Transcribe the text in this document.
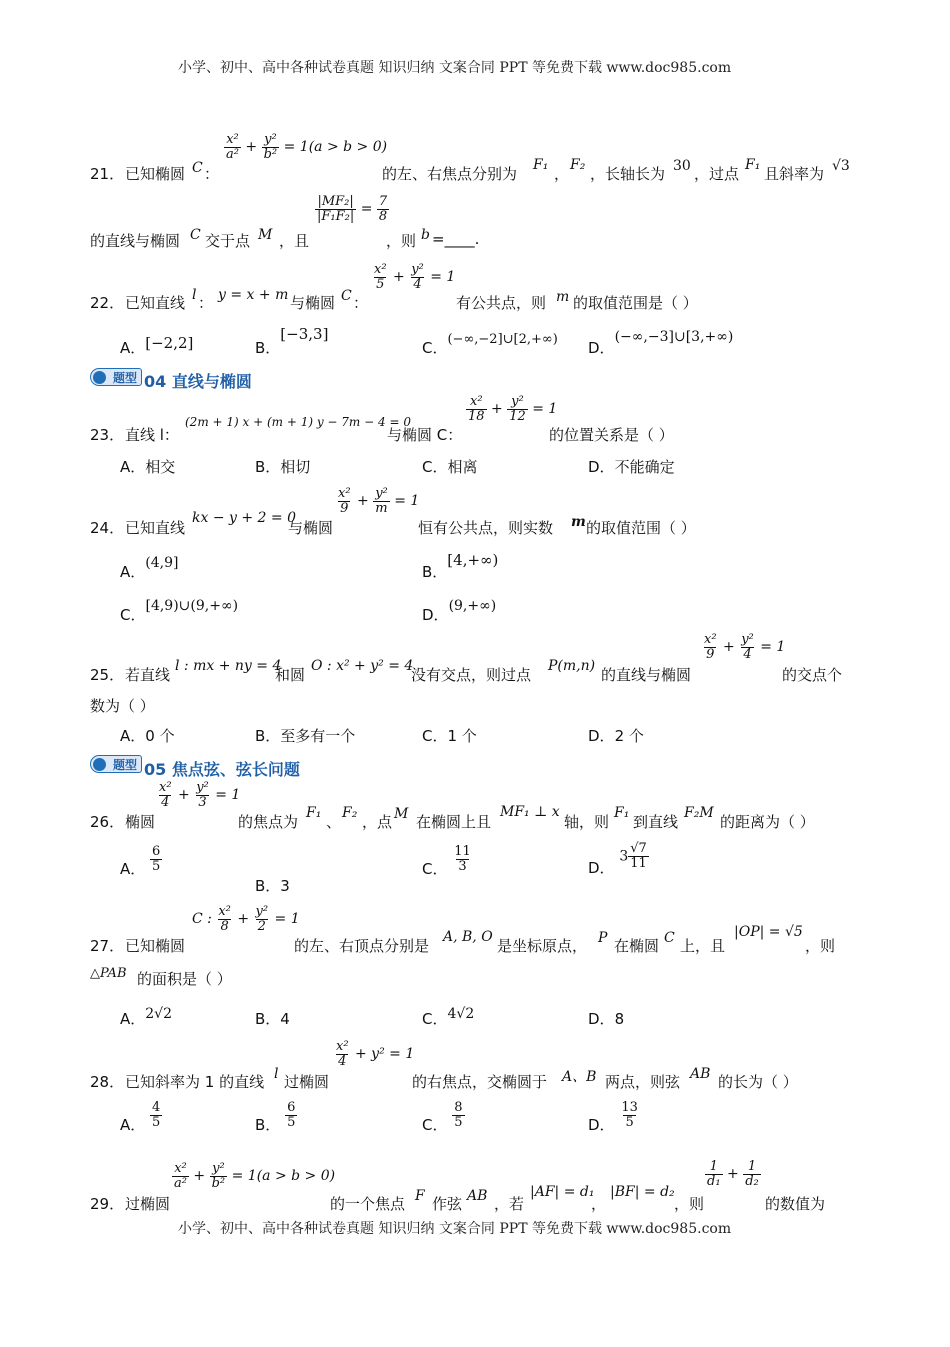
小学、初中、高中各种试卷真题 知识归纳 文案合同 PPT 等免费下载 www.doc985.com
21． 已知椭圆 C ：
$\frac{\text{x²}}{\text{a²}} + \frac{\text{y²}}{\text{b²}} = 1(a > b > 0)$
的左、右焦点分别为 F₁ ， F₂ ，长轴长为 30 ，过点 F₁ 且斜率为 √3
的直线与椭圆 C 交于点 M ，且
$\frac{\text{|MF₂|}}{\text{|F₁F₂|}} = \frac{7}{8}$
，则 b =____.
22． 已知直线 l ： y = x + m 与椭圆 C ：
$\frac{\text{x²}}{5} + \frac{\text{y²}}{4} = 1$
有公共点，则 m 的取值范围是（ ）
A．[−2,2]	B．[−3,3]
C．(−∞,−2]∪[2,+∞) D．(−∞,−3]∪[3,+∞)
题型 04 直线与椭圆
23． 直线 l：
(2m + 1) x + (m + 1) y − 7m − 4 = 0
与椭圆 C：
$\frac{\text{x²}}{18} + \frac{\text{y²}}{12} = 1$
的位置关系是（ ）
A．相交	B．相切	C．相离	D．不能确定
24． 已知直线
kx − y + 2 = 0
与椭圆
$\frac{\text{x²}}{9} + \frac{\text{y²}}{m} = 1$
恒有公共点，则实数 m 的取值范围（ ）
A．(4,9]	B．[4,+∞)
C．[4,9)∪(9,+∞)	D．(9,+∞)
25． 若直线 l : mx + ny = 4
和圆 O : x² + y² = 4
没有交点，则过点 P(m,n) 的直线与椭圆
$\frac{\text{x²}}{9} + \frac{\text{y²}}{4} = 1$
的交点个
数为（ ）
A．0 个	B．至多有一个	C．1 个	D．2 个
题型 05 焦点弦、弦长问题
26． 椭圆
$\frac{\text{x²}}{4} + \frac{\text{y²}}{3} = 1$
的焦点为 F₁ 、 F₂ ，点 M 在椭圆上且
MF₁ ⊥ x
轴，则 F₁ 到直线 F₂M 的距离为（ ）
A． $\frac{6}{5}$
B．3
C． $\frac{11}{3}$	D． $3 \frac{√7}{11}$
27． 已知椭圆
C : $\frac{\text{x²}}{8} + \frac{\text{y²}}{2} = 1$
的左、右顶点分别是 A, B, O 是坐标原点， P 在椭圆 C 上，且
|OP| = √5
，则
△PAB 的面积是（ ）
A．2√2	B．4	C．4√2	D．8
28． 已知斜率为 1 的直线 l 过椭圆
$\frac{\text{x²}}{4} + y^2 = 1$
的右焦点，交椭圆于 A、B 两点，则弦 AB 的长为（ ）
A． $\frac{4}{5}$	B． $\frac{6}{5}$	C． $\frac{8}{5}$	D． $\frac{13}{5}$
29． 过椭圆
$\frac{\text{x²}}{\text{a²}} + \frac{\text{y²}}{\text{b²}} = 1(a > b > 0)$
的一个焦点 F 作弦 AB ，若
|AF| = d₁
，
|BF| = d₂
，则
$\frac{1}{\text{d₁}} + \frac{1}{\text{d₂}}$
的数值为
小学、初中、高中各种试卷真题 知识归纳 文案合同 PPT 等免费下载 www.doc985.com
